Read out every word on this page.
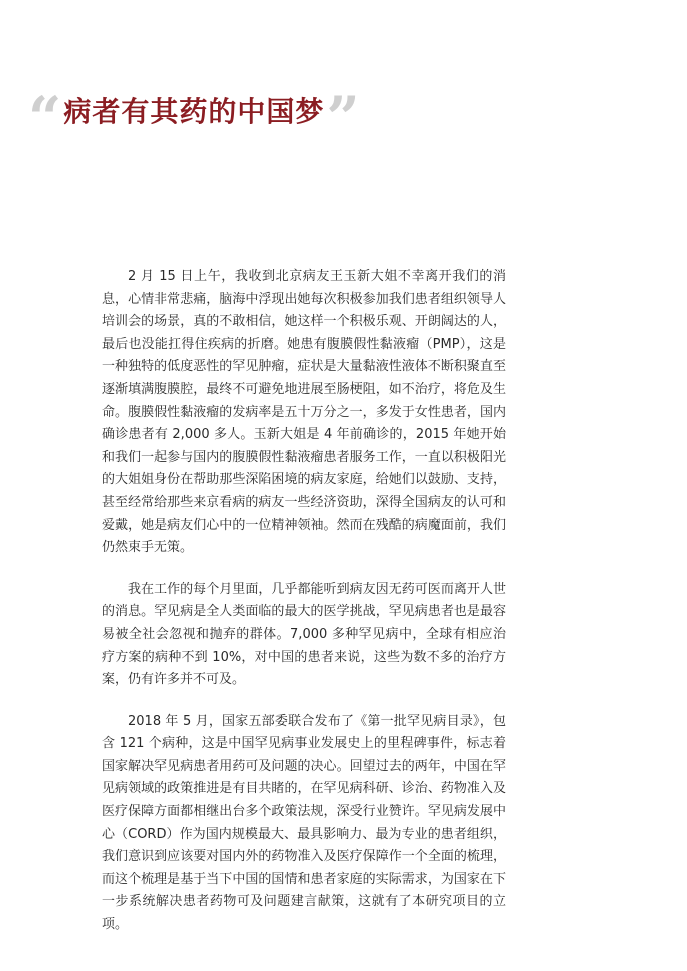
“ 病者有其药的中国梦 ”

2 月 15 日上午，我收到北京病友王玉新大姐不幸离开我们的消息，心情非常悲痛，脑海中浮现出她每次积极参加我们患者组织领导人培训会的场景，真的不敢相信，她这样一个积极乐观、开朗阔达的人，最后也没能扛得住疾病的折磨。她患有腹膜假性黏液瘤（PMP），这是一种独特的低度恶性的罕见肿瘤，症状是大量黏液性液体不断积聚直至逐渐填满腹膜腔，最终不可避免地进展至肠梗阻，如不治疗，将危及生命。腹膜假性黏液瘤的发病率是五十万分之一，多发于女性患者，国内确诊患者有 2,000 多人。玉新大姐是 4 年前确诊的，2015 年她开始和我们一起参与国内的腹膜假性黏液瘤患者服务工作，一直以积极阳光的大姐姐身份在帮助那些深陷困境的病友家庭，给她们以鼓励、支持，甚至经常给那些来京看病的病友一些经济资助，深得全国病友的认可和爱戴，她是病友们心中的一位精神领袖。然而在残酷的病魔面前，我们仍然束手无策。

我在工作的每个月里面，几乎都能听到病友因无药可医而离开人世的消息。罕见病是全人类面临的最大的医学挑战，罕见病患者也是最容易被全社会忽视和抛弃的群体。7,000 多种罕见病中，全球有相应治疗方案的病种不到 10%，对中国的患者来说，这些为数不多的治疗方案，仍有许多并不可及。

2018 年 5 月，国家五部委联合发布了《第一批罕见病目录》，包含 121 个病种，这是中国罕见病事业发展史上的里程碑事件，标志着国家解决罕见病患者用药可及问题的决心。回望过去的两年，中国在罕见病领域的政策推进是有目共睹的，在罕见病科研、诊治、药物准入及医疗保障方面都相继出台多个政策法规，深受行业赞许。罕见病发展中心（CORD）作为国内规模最大、最具影响力、最为专业的患者组织，我们意识到应该要对国内外的药物准入及医疗保障作一个全面的梳理，而这个梳理是基于当下中国的国情和患者家庭的实际需求，为国家在下一步系统解决患者药物可及问题建言献策，这就有了本研究项目的立项。
